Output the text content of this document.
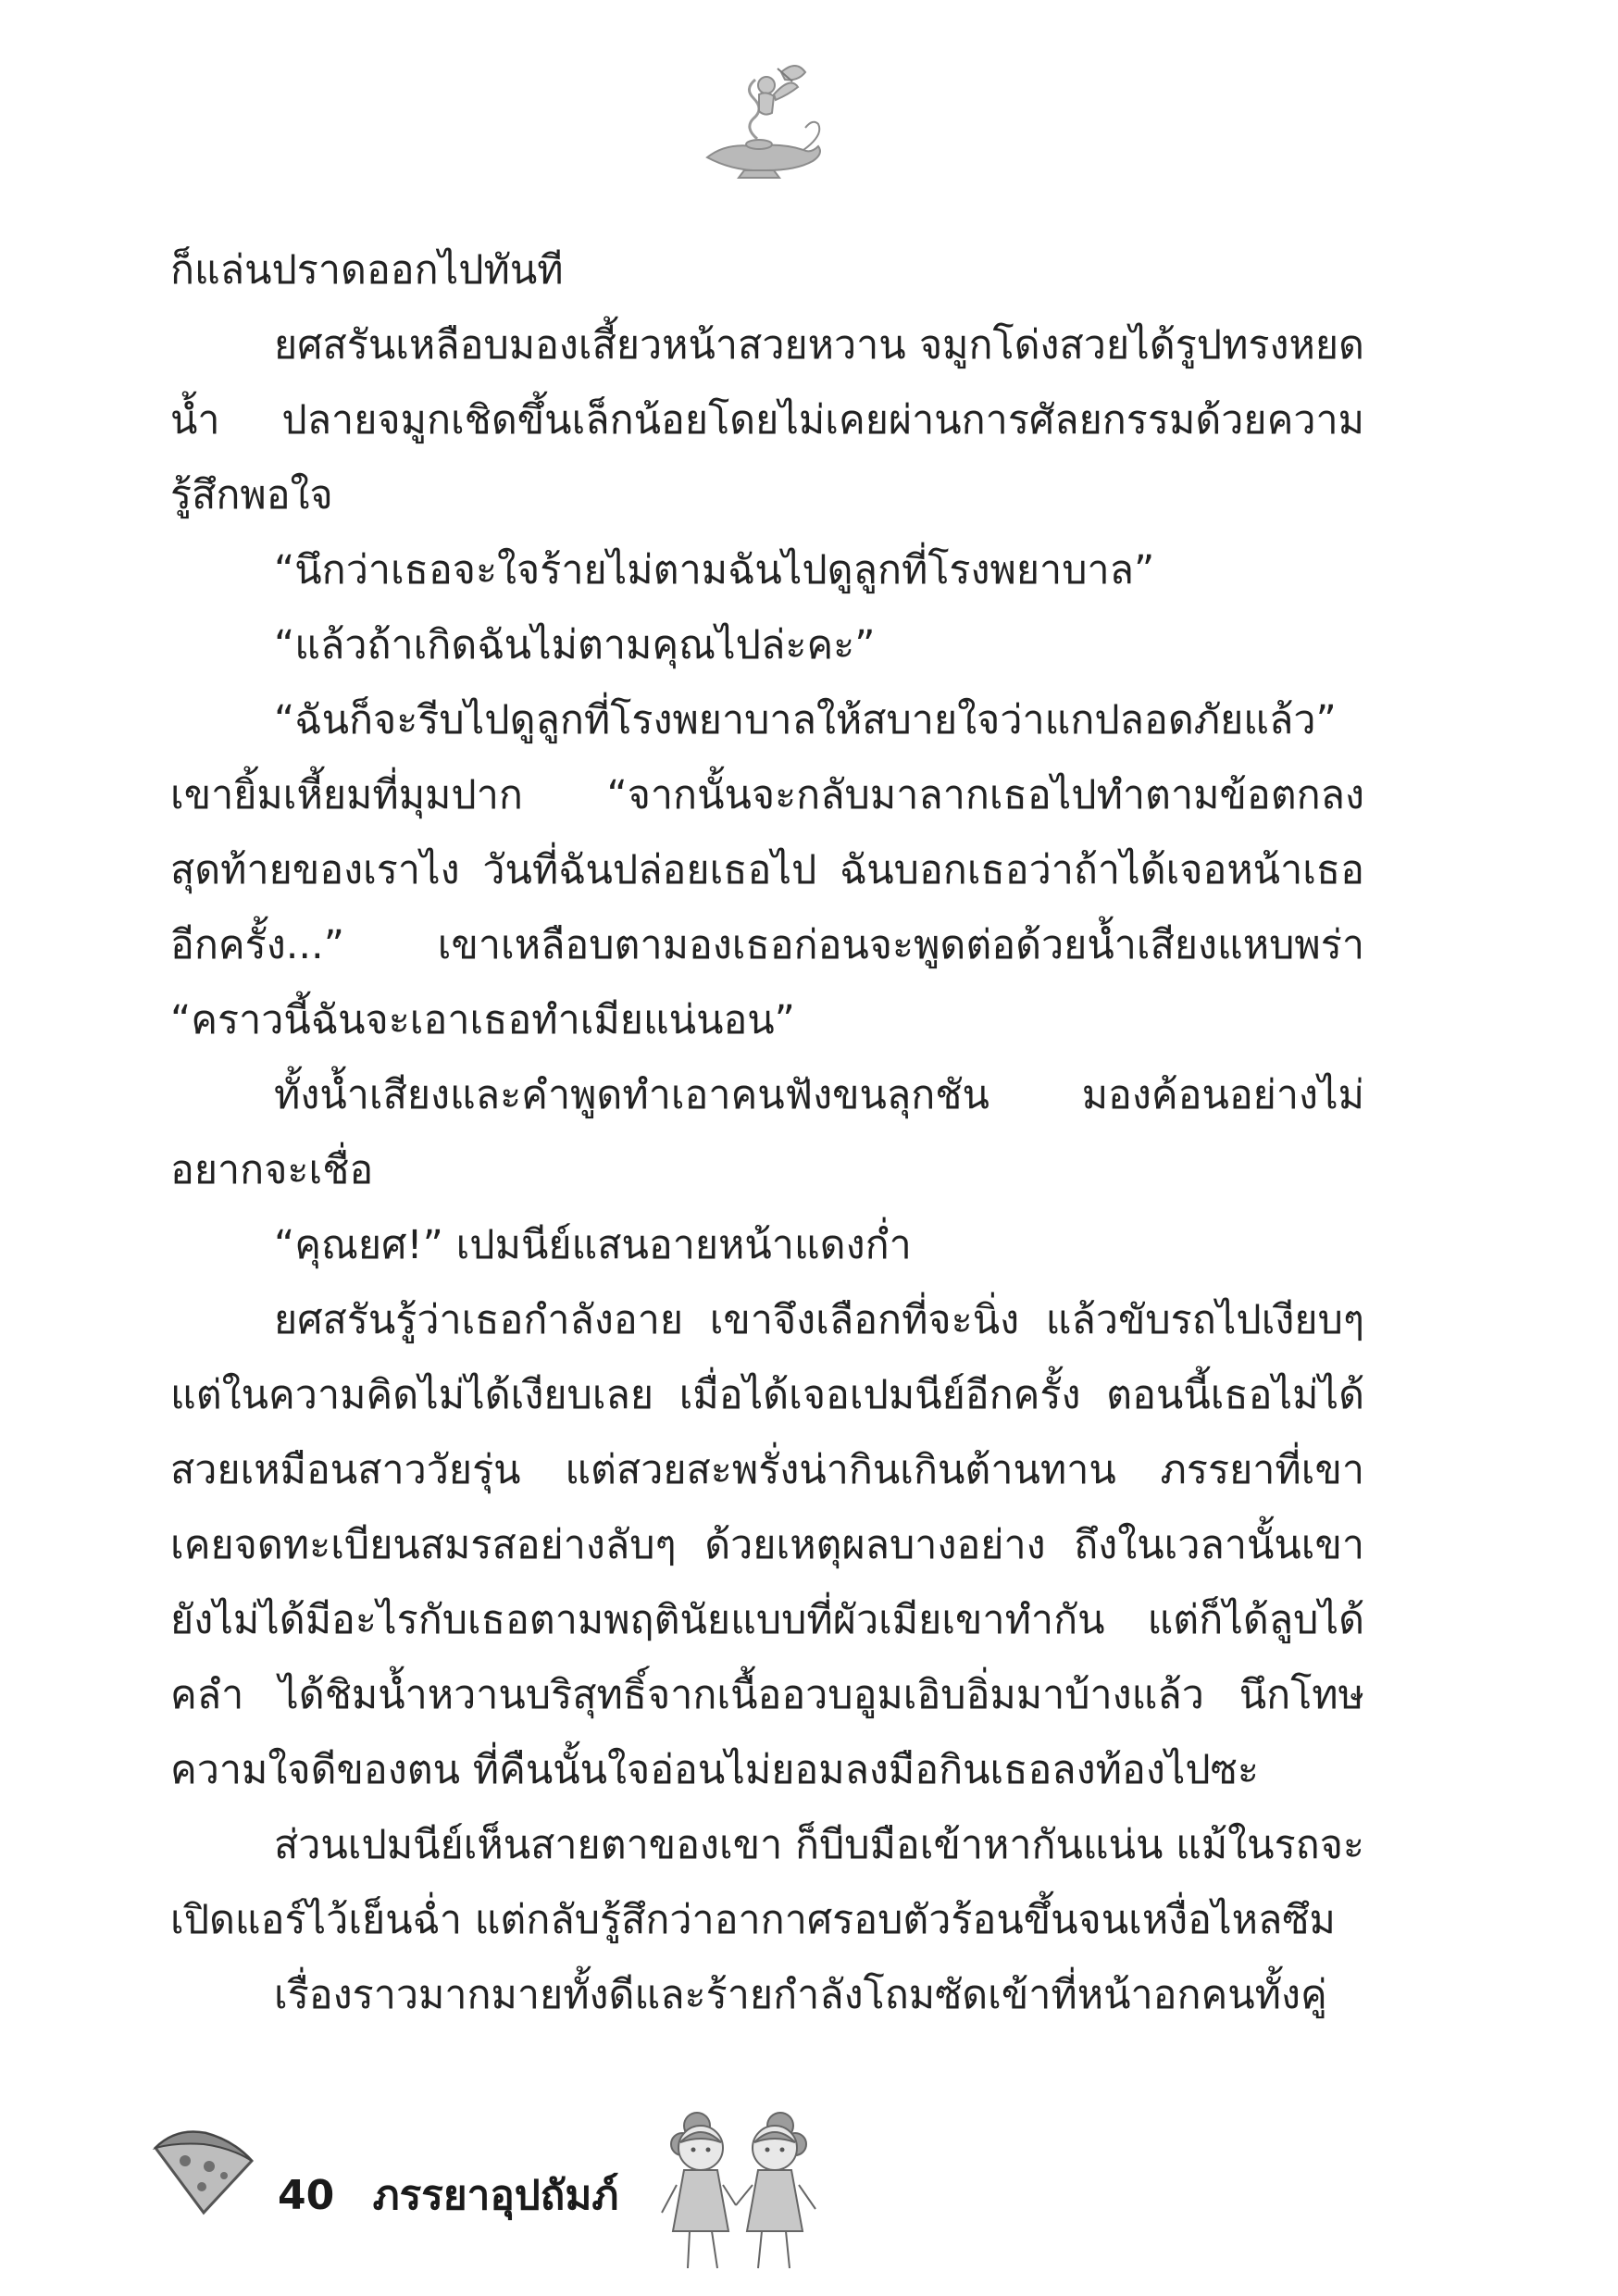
ก็แล่นปราดออกไปทันที

ยศสรันเหลือบมองเสี้ยวหน้าสวยหวาน จมูกโด่งสวยได้รูปทรงหยดน้ำ ปลายจมูกเชิดขึ้นเล็กน้อยโดยไม่เคยผ่านการศัลยกรรมด้วยความรู้สึกพอใจ

“นึกว่าเธอจะใจร้ายไม่ตามฉันไปดูลูกที่โรงพยาบาล”

“แล้วถ้าเกิดฉันไม่ตามคุณไปล่ะคะ”

“ฉันก็จะรีบไปดูลูกที่โรงพยาบาลให้สบายใจว่าแกปลอดภัยแล้ว” เขายิ้มเหี้ยมที่มุมปาก “จากนั้นจะกลับมาลากเธอไปทำตามข้อตกลงสุดท้ายของเราไง วันที่ฉันปล่อยเธอไป ฉันบอกเธอว่าถ้าได้เจอหน้าเธออีกครั้ง...” เขาเหลือบตามองเธอก่อนจะพูดต่อด้วยน้ำเสียงแหบพร่า “คราวนี้ฉันจะเอาเธอทำเมียแน่นอน”

ทั้งน้ำเสียงและคำพูดทำเอาคนฟังขนลุกชัน มองค้อนอย่างไม่อยากจะเชื่อ

“คุณยศ!” เปมนีย์แสนอายหน้าแดงก่ำ

ยศสรันรู้ว่าเธอกำลังอาย เขาจึงเลือกที่จะนิ่ง แล้วขับรถไปเงียบๆ แต่ในความคิดไม่ได้เงียบเลย เมื่อได้เจอเปมนีย์อีกครั้ง ตอนนี้เธอไม่ได้สวยเหมือนสาววัยรุ่น แต่สวยสะพรั่งน่ากินเกินต้านทาน ภรรยาที่เขาเคยจดทะเบียนสมรสอย่างลับๆ ด้วยเหตุผลบางอย่าง ถึงในเวลานั้นเขายังไม่ได้มีอะไรกับเธอตามพฤตินัยแบบที่ผัวเมียเขาทำกัน แต่ก็ได้ลูบได้คลำ ได้ชิมน้ำหวานบริสุทธิ์จากเนื้ออวบอูมเอิบอิ่มมาบ้างแล้ว นึกโทษความใจดีของตน ที่คืนนั้นใจอ่อนไม่ยอมลงมือกินเธอลงท้องไปซะ

ส่วนเปมนีย์เห็นสายตาของเขา ก็บีบมือเข้าหากันแน่น แม้ในรถจะเปิดแอร์ไว้เย็นฉ่ำ แต่กลับรู้สึกว่าอากาศรอบตัวร้อนขึ้นจนเหงื่อไหลซึม

เรื่องราวมากมายทั้งดีและร้ายกำลังโถมซัดเข้าที่หน้าอกคนทั้งคู่

40 ภรรยาอุปถัมภ์
